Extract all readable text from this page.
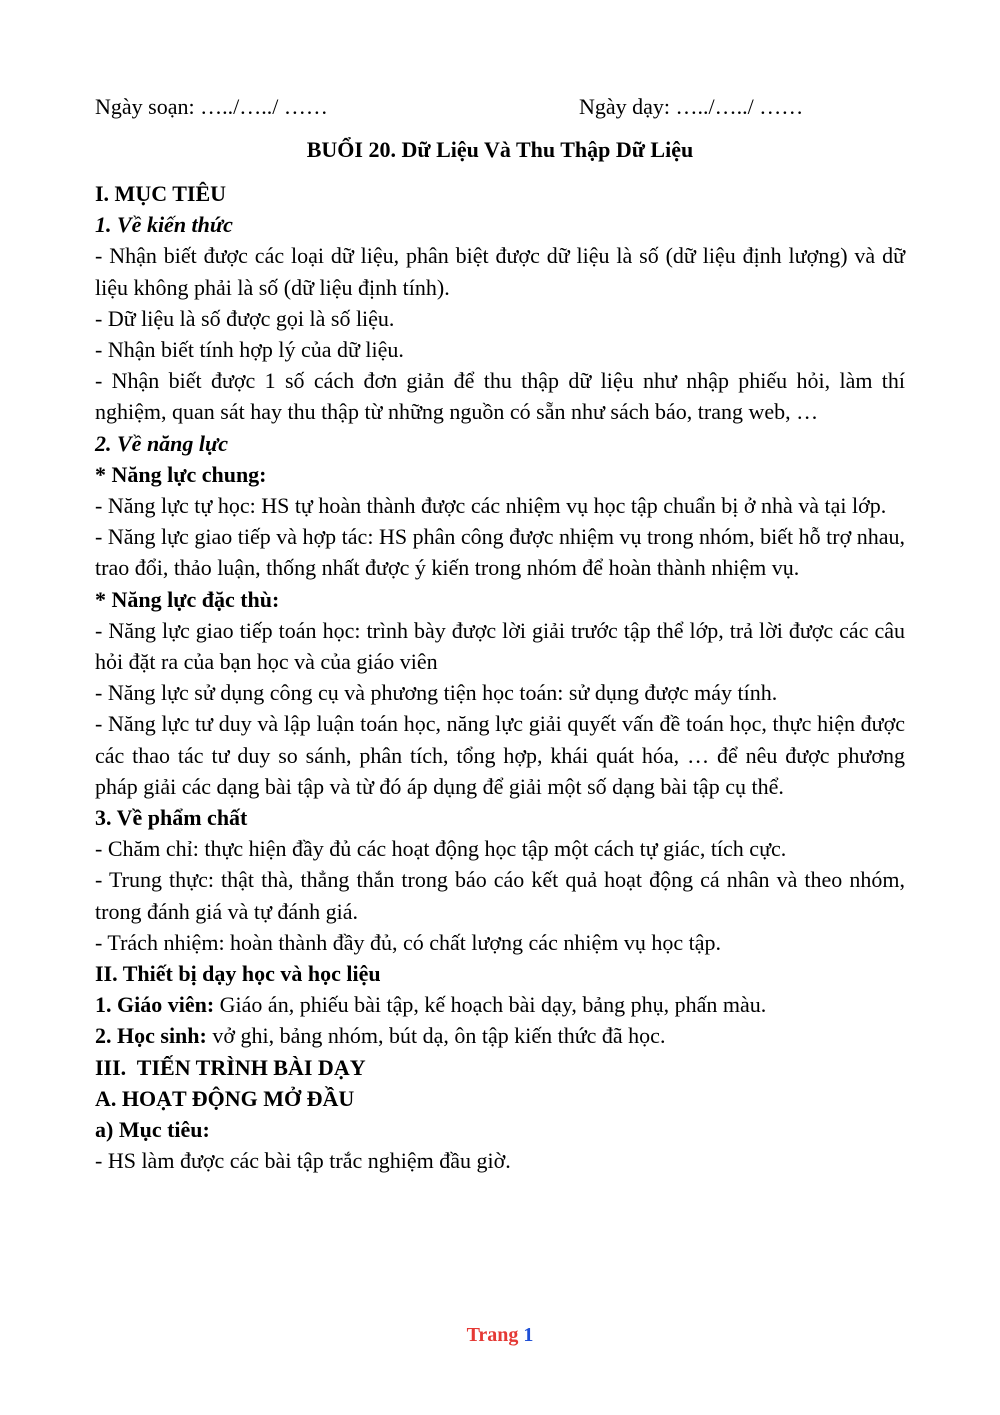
Ngày soạn: …../…../ ……	Ngày dạy: …../…../ ……
BUỔI 20. Dữ Liệu Và Thu Thập Dữ Liệu
I. MỤC TIÊU
1. Về kiến thức
- Nhận biết được các loại dữ liệu, phân biệt được dữ liệu là số (dữ liệu định lượng) và dữ liệu không phải là số (dữ liệu định tính).
- Dữ liệu là số được gọi là số liệu.
- Nhận biết tính hợp lý của dữ liệu.
- Nhận biết được 1 số cách đơn giản để thu thập dữ liệu như nhập phiếu hỏi, làm thí nghiệm, quan sát hay thu thập từ những nguồn có sẵn như sách báo, trang web, …
2. Về năng lực
* Năng lực chung:
- Năng lực tự học: HS tự hoàn thành được các nhiệm vụ học tập chuẩn bị ở nhà và tại lớp.
- Năng lực giao tiếp và hợp tác: HS phân công được nhiệm vụ trong nhóm, biết hỗ trợ nhau, trao đổi, thảo luận, thống nhất được ý kiến trong nhóm để hoàn thành nhiệm vụ.
* Năng lực đặc thù:
- Năng lực giao tiếp toán học: trình bày được lời giải trước tập thể lớp, trả lời được các câu hỏi đặt ra của bạn học và của giáo viên
- Năng lực sử dụng công cụ và phương tiện học toán: sử dụng được máy tính.
- Năng lực tư duy và lập luận toán học, năng lực giải quyết vấn đề toán học, thực hiện được các thao tác tư duy so sánh, phân tích, tổng hợp, khái quát hóa, … để nêu được phương pháp giải các dạng bài tập và từ đó áp dụng để giải một số dạng bài tập cụ thể.
3. Về phẩm chất
- Chăm chỉ: thực hiện đầy đủ các hoạt động học tập một cách tự giác, tích cực.
- Trung thực: thật thà, thẳng thắn trong báo cáo kết quả hoạt động cá nhân và theo nhóm, trong đánh giá và tự đánh giá.
- Trách nhiệm: hoàn thành đầy đủ, có chất lượng các nhiệm vụ học tập.
II. Thiết bị dạy học và học liệu
1. Giáo viên: Giáo án, phiếu bài tập, kế hoạch bài dạy, bảng phụ, phấn màu.
2. Học sinh: vở ghi, bảng nhóm, bút dạ, ôn tập kiến thức đã học.
III.  TIẾN TRÌNH BÀI DẠY
A. HOẠT ĐỘNG MỞ ĐẦU
a) Mục tiêu:
- HS làm được các bài tập trắc nghiệm đầu giờ.
Trang 1
